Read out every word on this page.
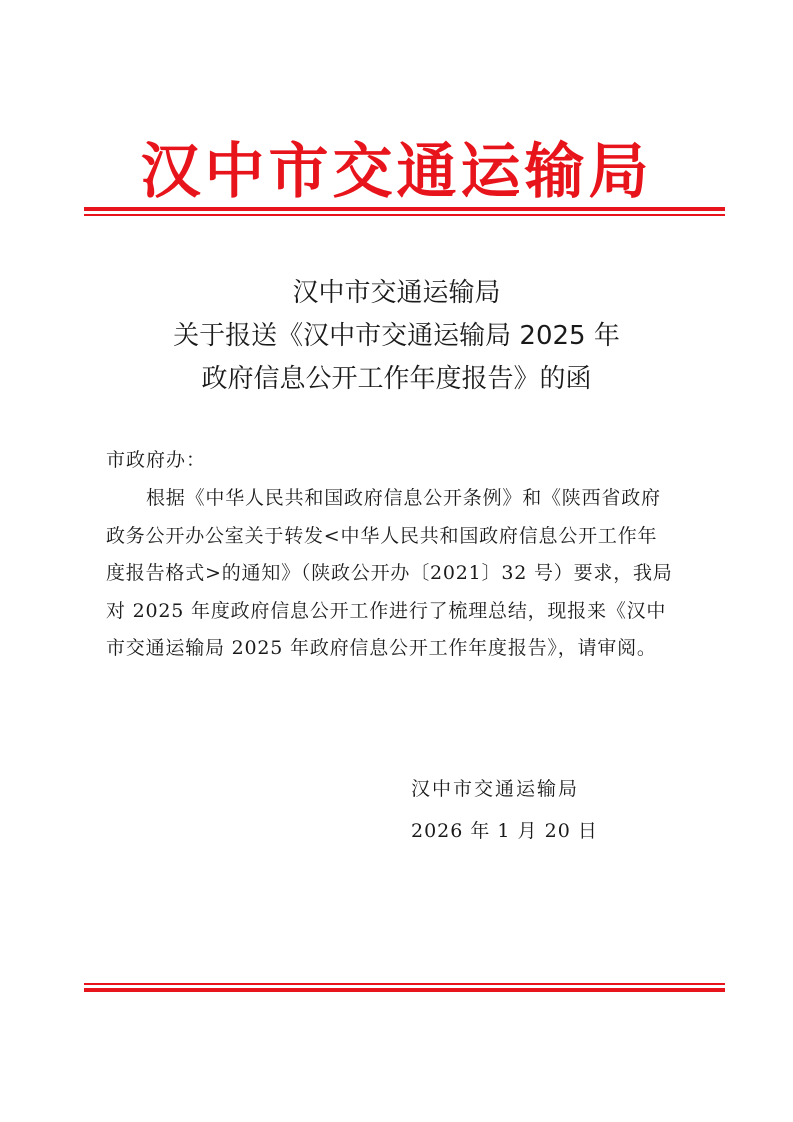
汉中市交通运输局
汉中市交通运输局
关于报送《汉中市交通运输局 2025 年
政府信息公开工作年度报告》的函
市政府办：
根据《中华人民共和国政府信息公开条例》和《陕西省政府
政务公开办公室关于转发<中华人民共和国政府信息公开工作年
度报告格式>的通知》（陕政公开办〔2021〕32 号）要求，我局
对 2025 年度政府信息公开工作进行了梳理总结，现报来《汉中
市交通运输局 2025 年政府信息公开工作年度报告》，请审阅。
汉中市交通运输局
2026 年 1 月 20 日
